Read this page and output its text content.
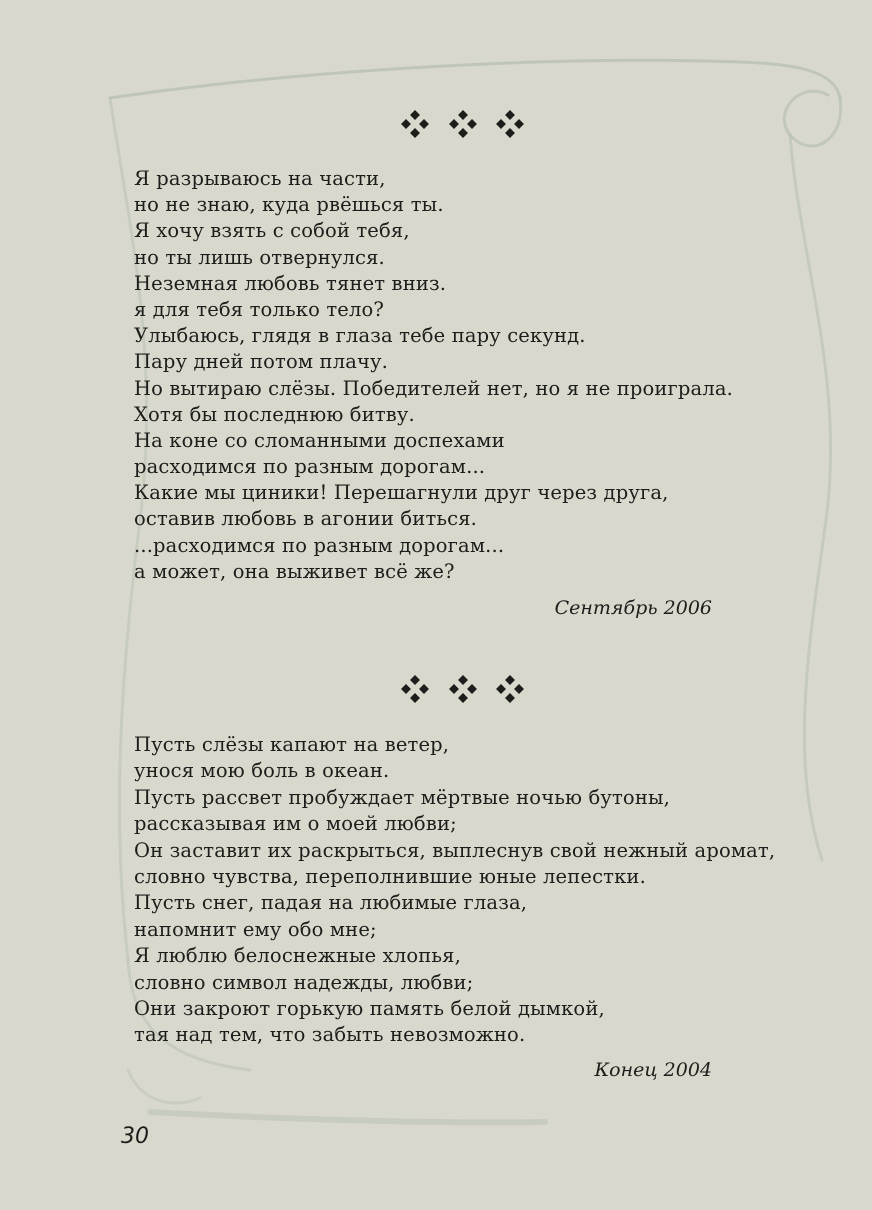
Я разрываюсь на части,
но не знаю, куда рвёшься ты.
Я хочу взять с собой тебя,
но ты лишь отвернулся.
Неземная любовь тянет вниз.
я для тебя только тело?
Улыбаюсь, глядя в глаза тебе пару секунд.
Пару дней потом плачу.
Но вытираю слёзы. Победителей нет, но я не проиграла.
Хотя бы последнюю битву.
На коне со сломанными доспехами
расходимся по разным дорогам...
Какие мы циники! Перешагнули друг через друга,
оставив любовь в агонии биться.
...расходимся по разным дорогам...
а может, она выживет всё же?
Сентябрь 2006
Пусть слёзы капают на ветер,
унося мою боль в океан.
Пусть рассвет пробуждает мёртвые ночью бутоны,
рассказывая им о моей любви;
Он заставит их раскрыться, выплеснув свой нежный аромат,
словно чувства, переполнившие юные лепестки.
Пусть снег, падая на любимые глаза,
напомнит ему обо мне;
Я люблю белоснежные хлопья,
словно символ надежды, любви;
Они закроют горькую память белой дымкой,
тая над тем, что забыть невозможно.
Конец 2004
30
